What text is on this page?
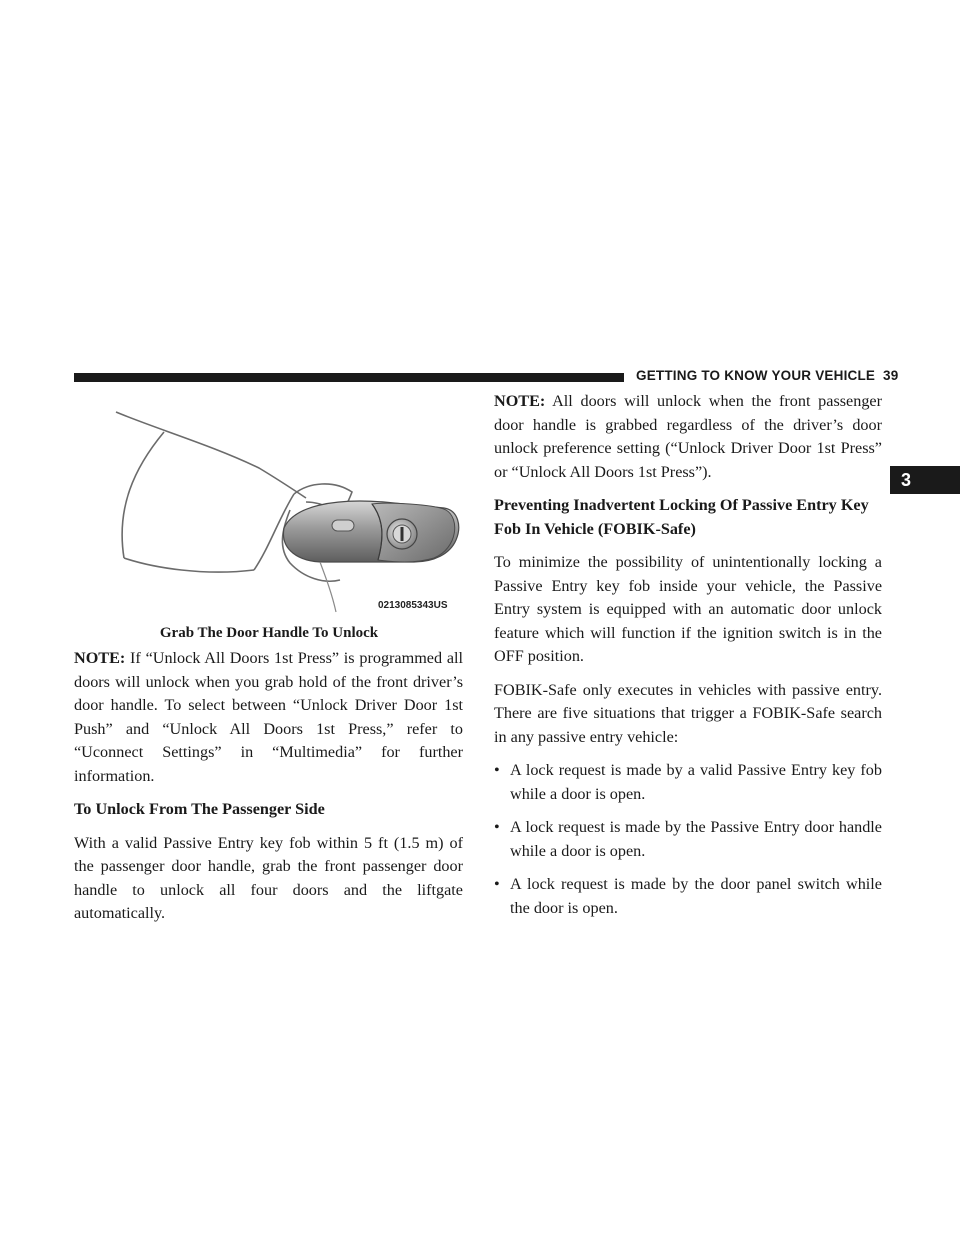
GETTING TO KNOW YOUR VEHICLE 39
3
0213085343US
Grab The Door Handle To Unlock

NOTE: If “Unlock All Doors 1st Press” is programmed all doors will unlock when you grab hold of the front driver’s door handle. To select between “Unlock Driver Door 1st Push” and “Unlock All Doors 1st Press,” refer to “Uconnect Settings” in “Multimedia” for further information.

To Unlock From The Passenger Side

With a valid Passive Entry key fob within 5 ft (1.5 m) of the passenger door handle, grab the front passenger door handle to unlock all four doors and the liftgate automatically.

NOTE: All doors will unlock when the front passenger door handle is grabbed regardless of the driver’s door unlock preference setting (“Unlock Driver Door 1st Press” or “Unlock All Doors 1st Press”).

Preventing Inadvertent Locking Of Passive Entry Key Fob In Vehicle (FOBIK-Safe)

To minimize the possibility of unintentionally locking a Passive Entry key fob inside your vehicle, the Passive Entry system is equipped with an automatic door unlock feature which will function if the ignition switch is in the OFF position.

FOBIK-Safe only executes in vehicles with passive entry. There are five situations that trigger a FOBIK-Safe search in any passive entry vehicle:

• A lock request is made by a valid Passive Entry key fob while a door is open.
• A lock request is made by the Passive Entry door handle while a door is open.
• A lock request is made by the door panel switch while the door is open.
